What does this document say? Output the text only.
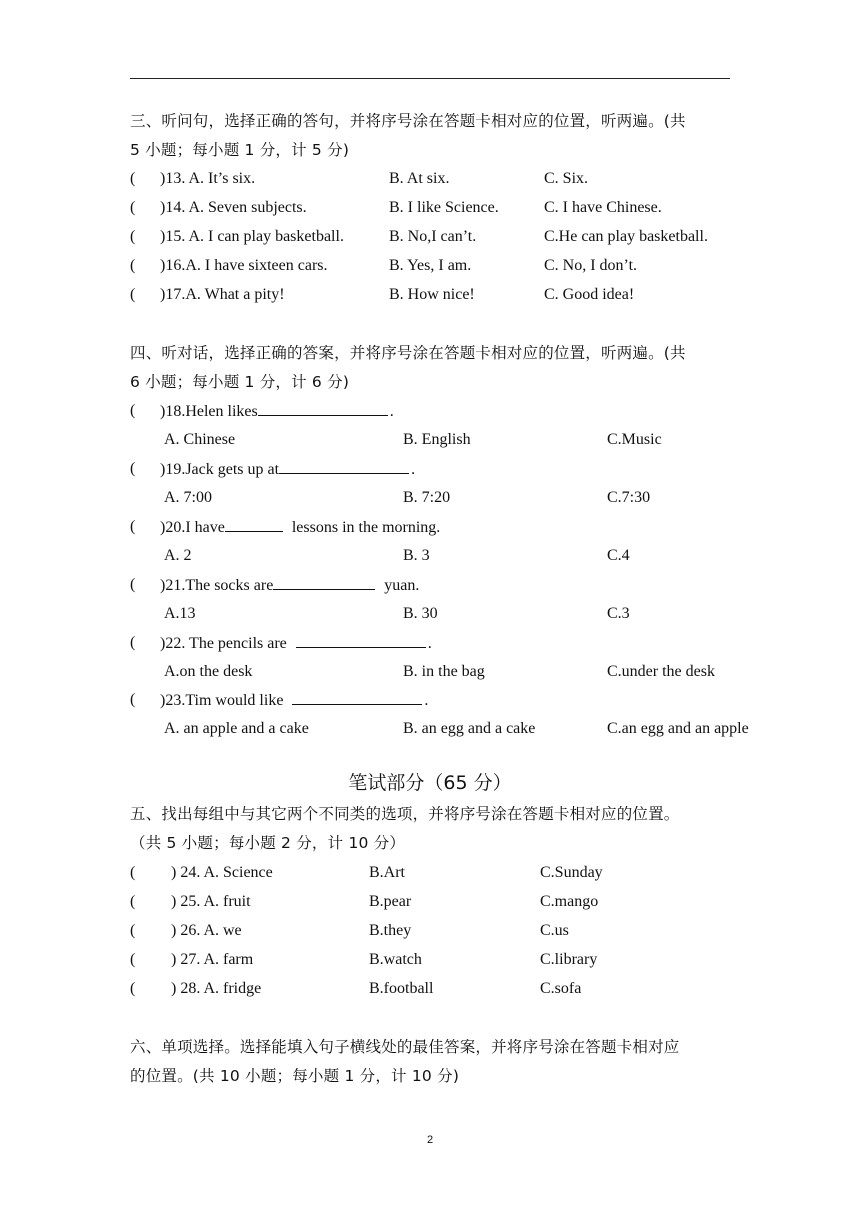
三、听问句，选择正确的答句，并将序号涂在答题卡相对应的位置，听两遍。(共
5 小题；每小题 1 分，计 5 分)
( )13. A. It’s six.	B. At six.	C. Six.
( )14. A. Seven subjects.	B. I like Science.	C. I have Chinese.
( )15. A. I can play basketball.	B. No,I can’t.	C.He can play basketball.
( )16.A. I have sixteen cars.	B. Yes, I am.	C. No, I don’t.
( )17.A. What a pity!	B. How nice!	C. Good idea!
四、听对话，选择正确的答案，并将序号涂在答题卡相对应的位置，听两遍。(共
6 小题；每小题 1 分，计 6 分)
( )18.Helen likes	.
A. Chinese	B. English	C.Music
( )19.Jack gets up at	.
A. 7:00	B. 7:20	C.7:30
( )20.I have	lessons in the morning.
A. 2	B. 3	C.4
( )21.The socks are	yuan.
A.13	B. 30	C.3
( )22. The pencils are	.
A.on the desk	B. in the bag	C.under the desk
( )23.Tim would like	.
A. an apple and a cake	B. an egg and a cake	C.an egg and an apple
笔试部分（65 分）
五、找出每组中与其它两个不同类的选项，并将序号涂在答题卡相对应的位置。
（共 5 小题；每小题 2 分，计 10 分）
( ) 24. A. Science	B.Art	C.Sunday
( ) 25. A. fruit	B.pear	C.mango
( ) 26. A. we	B.they	C.us
( ) 27. A. farm	B.watch	C.library
( ) 28. A. fridge	B.football	C.sofa
六、单项选择。选择能填入句子横线处的最佳答案，并将序号涂在答题卡相对应
的位置。(共 10 小题；每小题 1 分，计 10 分)
2
